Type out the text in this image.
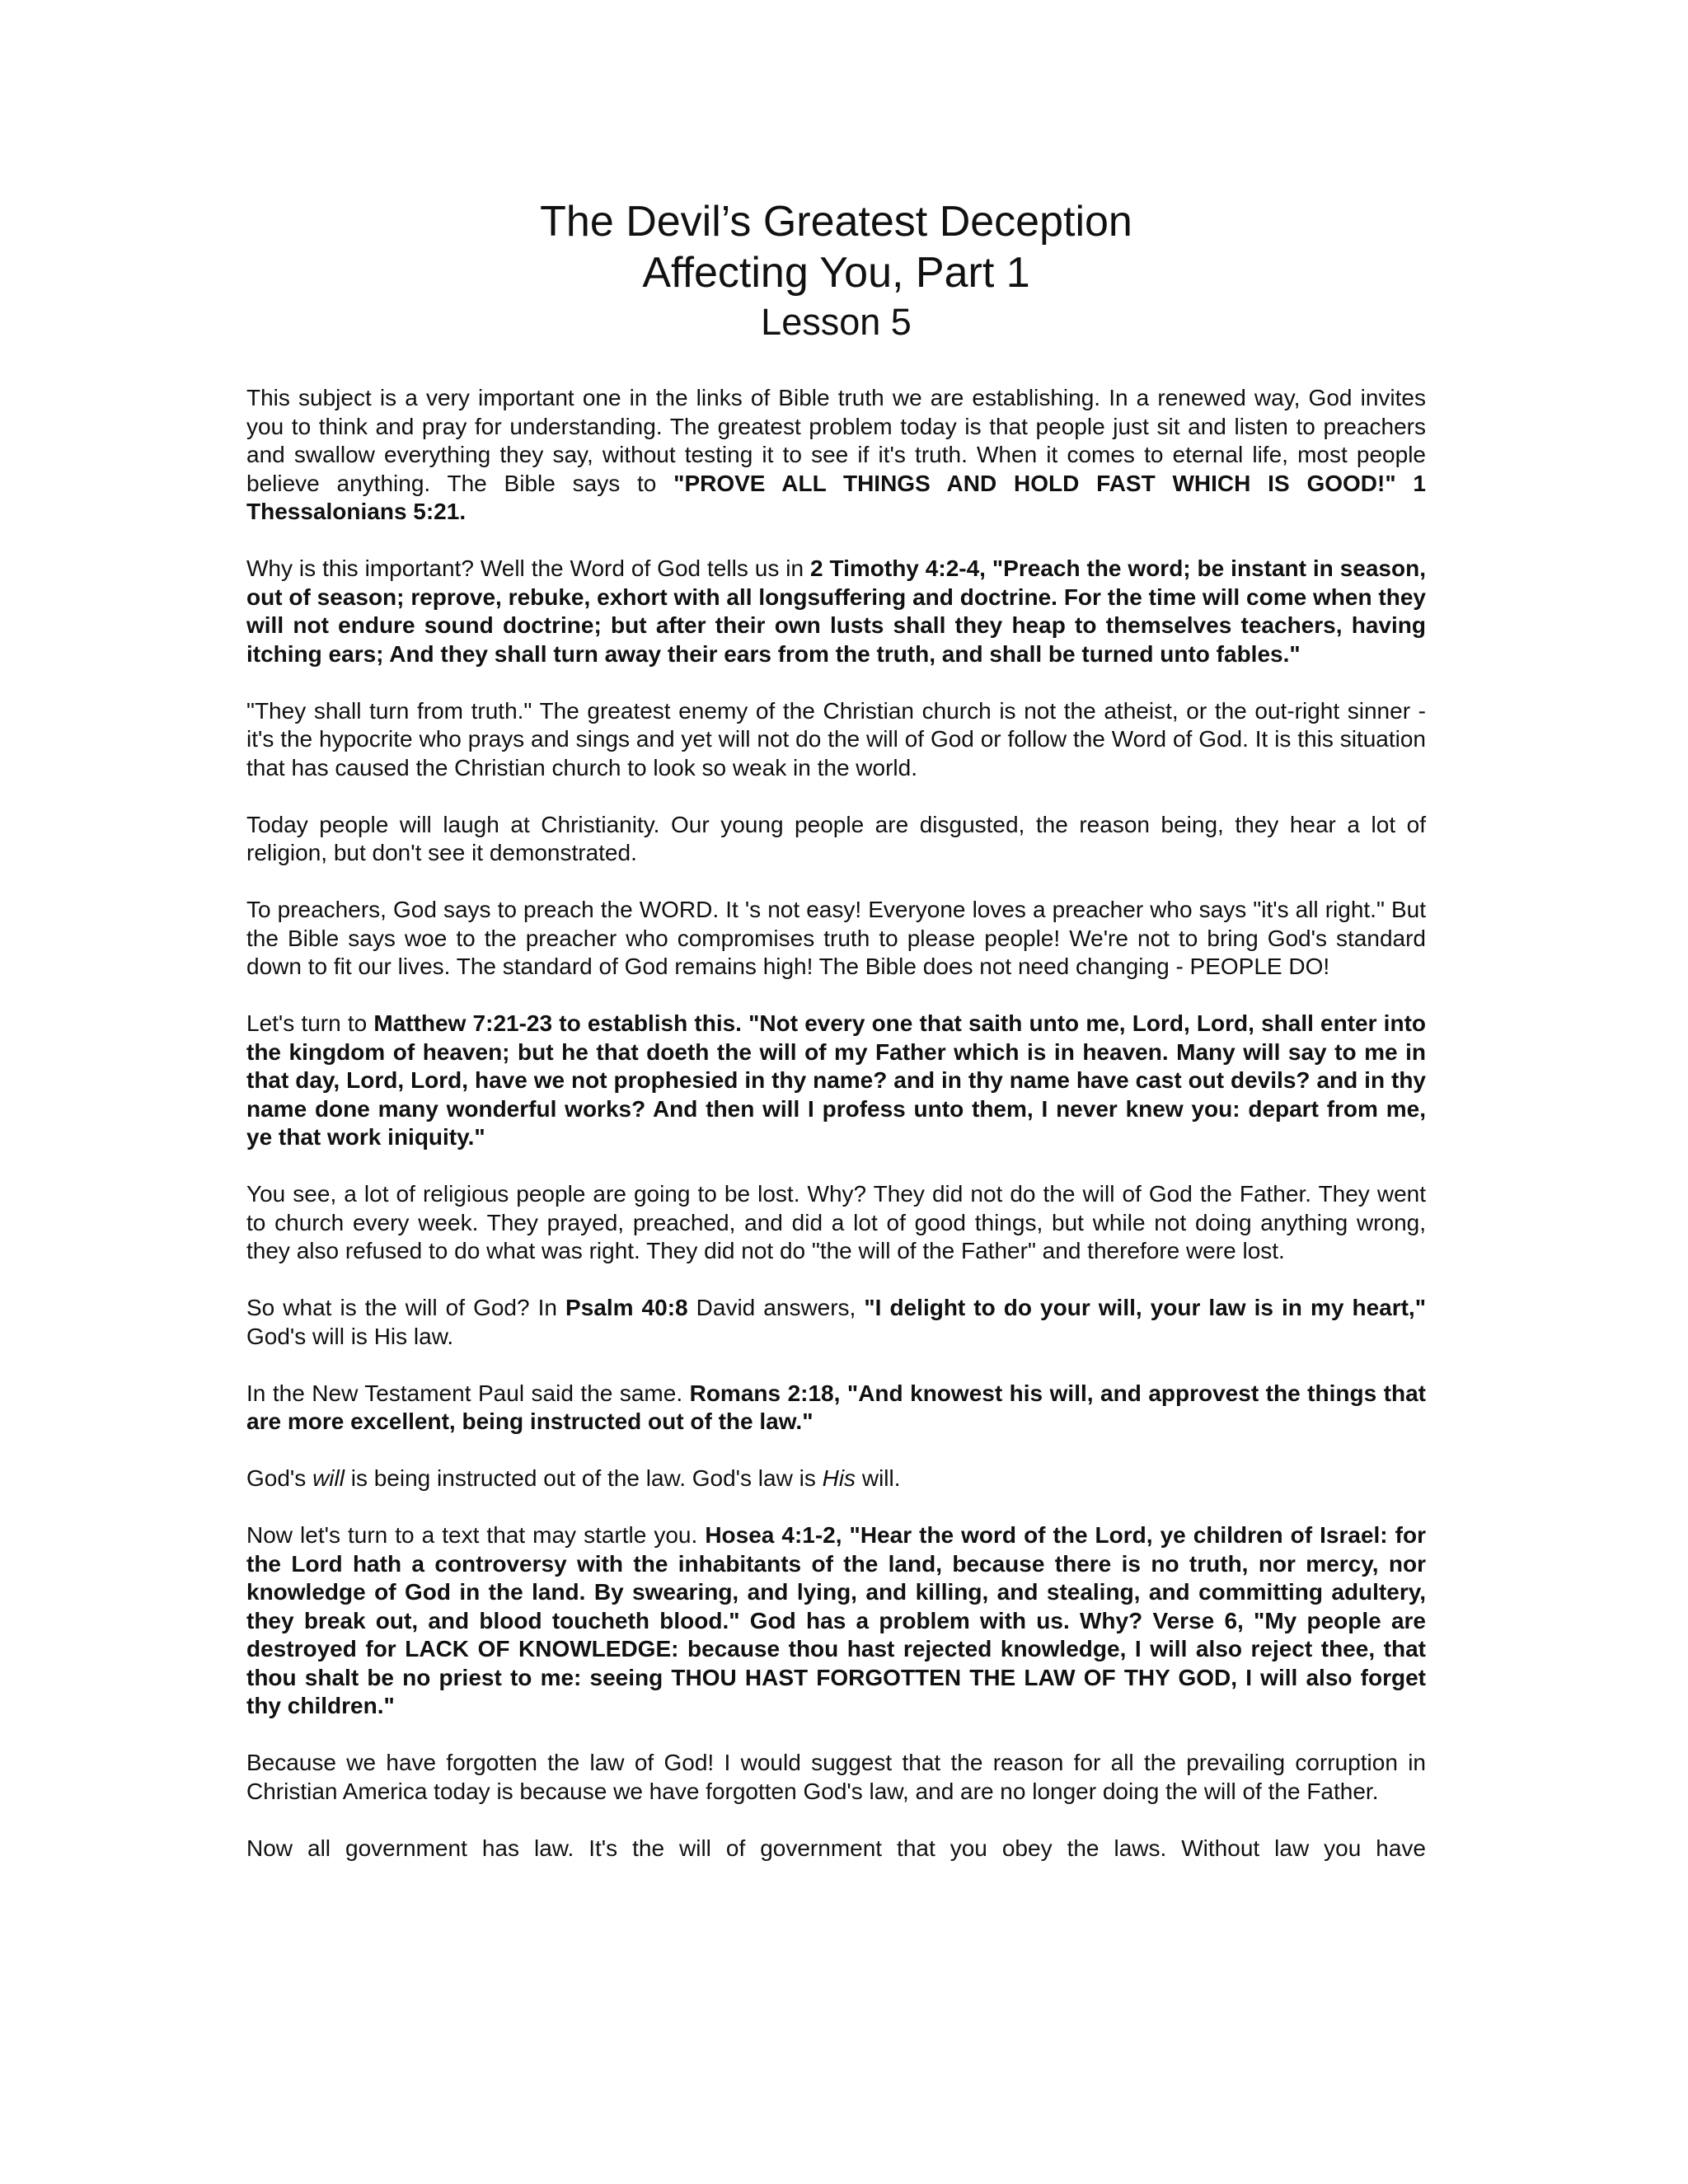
The Devil’s Greatest Deception
Affecting You, Part 1
Lesson 5

This subject is a very important one in the links of Bible truth we are establishing. In a renewed way, God invites you to think and pray for understanding. The greatest problem today is that people just sit and listen to preachers and swallow everything they say, without testing it to see if it's truth. When it comes to eternal life, most people believe anything. The Bible says to "PROVE ALL THINGS AND HOLD FAST WHICH IS GOOD!" 1 Thessalonians 5:21.

Why is this important? Well the Word of God tells us in 2 Timothy 4:2-4, "Preach the word; be instant in season, out of season; reprove, rebuke, exhort with all longsuffering and doctrine. For the time will come when they will not endure sound doctrine; but after their own lusts shall they heap to themselves teachers, having itching ears; And they shall turn away their ears from the truth, and shall be turned unto fables."

"They shall turn from truth." The greatest enemy of the Christian church is not the atheist, or the out-right sinner - it's the hypocrite who prays and sings and yet will not do the will of God or follow the Word of God. It is this situation that has caused the Christian church to look so weak in the world.

Today people will laugh at Christianity. Our young people are disgusted, the reason being, they hear a lot of religion, but don't see it demonstrated.

To preachers, God says to preach the WORD. It 's not easy! Everyone loves a preacher who says "it's all right." But the Bible says woe to the preacher who compromises truth to please people! We're not to bring God's standard down to fit our lives. The standard of God remains high! The Bible does not need changing - PEOPLE DO!

Let's turn to Matthew 7:21-23 to establish this. "Not every one that saith unto me, Lord, Lord, shall enter into the kingdom of heaven; but he that doeth the will of my Father which is in heaven. Many will say to me in that day, Lord, Lord, have we not prophesied in thy name? and in thy name have cast out devils? and in thy name done many wonderful works? And then will I profess unto them, I never knew you: depart from me, ye that work iniquity."

You see, a lot of religious people are going to be lost. Why? They did not do the will of God the Father. They went to church every week. They prayed, preached, and did a lot of good things, but while not doing anything wrong, they also refused to do what was right. They did not do "the will of the Father" and therefore were lost.

So what is the will of God? In Psalm 40:8 David answers, "I delight to do your will, your law is in my heart," God's will is His law.

In the New Testament Paul said the same. Romans 2:18, "And knowest his will, and approvest the things that are more excellent, being instructed out of the law."

God's will is being instructed out of the law. God's law is His will.

Now let's turn to a text that may startle you. Hosea 4:1-2, "Hear the word of the Lord, ye children of Israel: for the Lord hath a controversy with the inhabitants of the land, because there is no truth, nor mercy, nor knowledge of God in the land. By swearing, and lying, and killing, and stealing, and committing adultery, they break out, and blood toucheth blood." God has a problem with us. Why? Verse 6, "My people are destroyed for LACK OF KNOWLEDGE: because thou hast rejected knowledge, I will also reject thee, that thou shalt be no priest to me: seeing THOU HAST FORGOTTEN THE LAW OF THY GOD, I will also forget thy children."

Because we have forgotten the law of God! I would suggest that the reason for all the prevailing corruption in Christian America today is because we have forgotten God's law, and are no longer doing the will of the Father.

Now all government has law. It's the will of government that you obey the laws. Without law you have
